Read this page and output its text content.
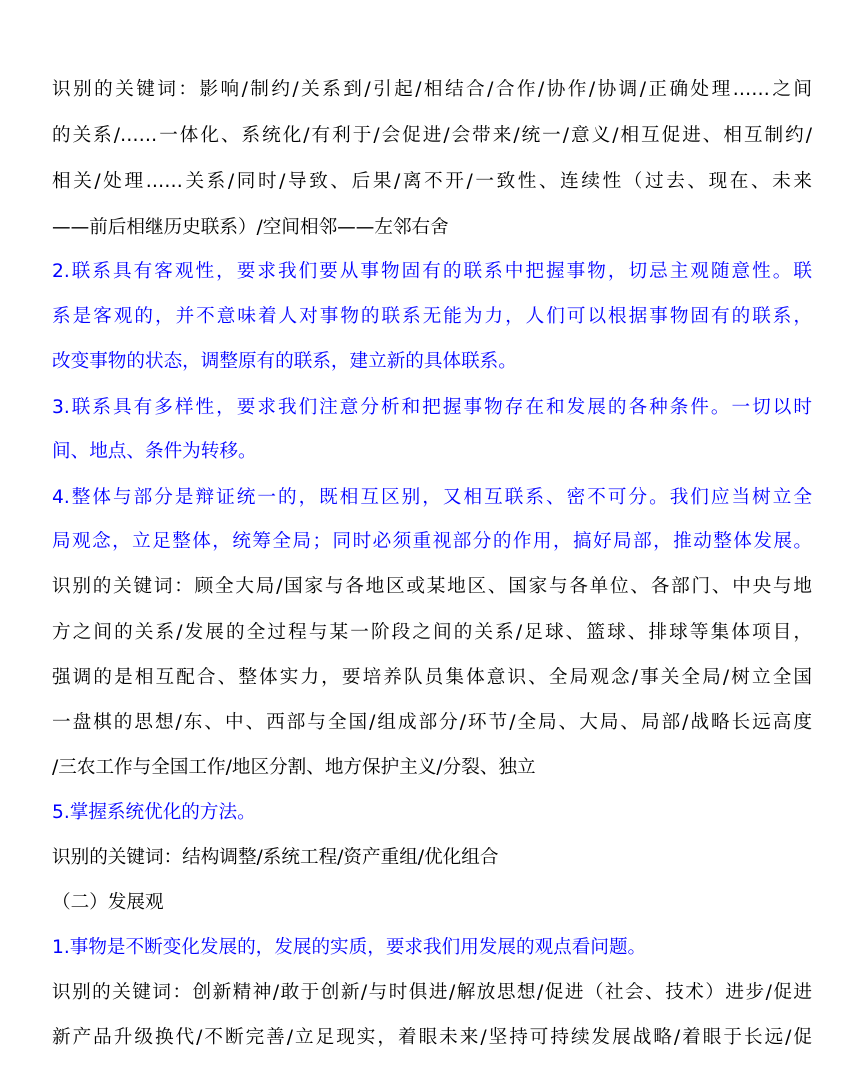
识别的关键词：影响/制约/关系到/引起/相结合/合作/协作/协调/正确处理……之间
的关系/……一体化、系统化/有利于/会促进/会带来/统一/意义/相互促进、相互制约/
相关/处理……关系/同时/导致、后果/离不开/一致性、连续性（过去、现在、未来
——前后相继历史联系）/空间相邻——左邻右舍
2.联系具有客观性，要求我们要从事物固有的联系中把握事物，切忌主观随意性。联
系是客观的，并不意味着人对事物的联系无能为力，人们可以根据事物固有的联系，
改变事物的状态，调整原有的联系，建立新的具体联系。
3.联系具有多样性，要求我们注意分析和把握事物存在和发展的各种条件。一切以时
间、地点、条件为转移。
4.整体与部分是辩证统一的，既相互区别，又相互联系、密不可分。我们应当树立全
局观念，立足整体，统筹全局；同时必须重视部分的作用，搞好局部，推动整体发展。
识别的关键词：顾全大局/国家与各地区或某地区、国家与各单位、各部门、中央与地
方之间的关系/发展的全过程与某一阶段之间的关系/足球、篮球、排球等集体项目，
强调的是相互配合、整体实力，要培养队员集体意识、全局观念/事关全局/树立全国
一盘棋的思想/东、中、西部与全国/组成部分/环节/全局、大局、局部/战略长远高度
/三农工作与全国工作/地区分割、地方保护主义/分裂、独立
5.掌握系统优化的方法。
识别的关键词：结构调整/系统工程/资产重组/优化组合
（二）发展观
1.事物是不断变化发展的，发展的实质，要求我们用发展的观点看问题。
识别的关键词：创新精神/敢于创新/与时俱进/解放思想/促进（社会、技术）进步/促进
新产品升级换代/不断完善/立足现实，着眼未来/坚持可持续发展战略/着眼于长远/促
